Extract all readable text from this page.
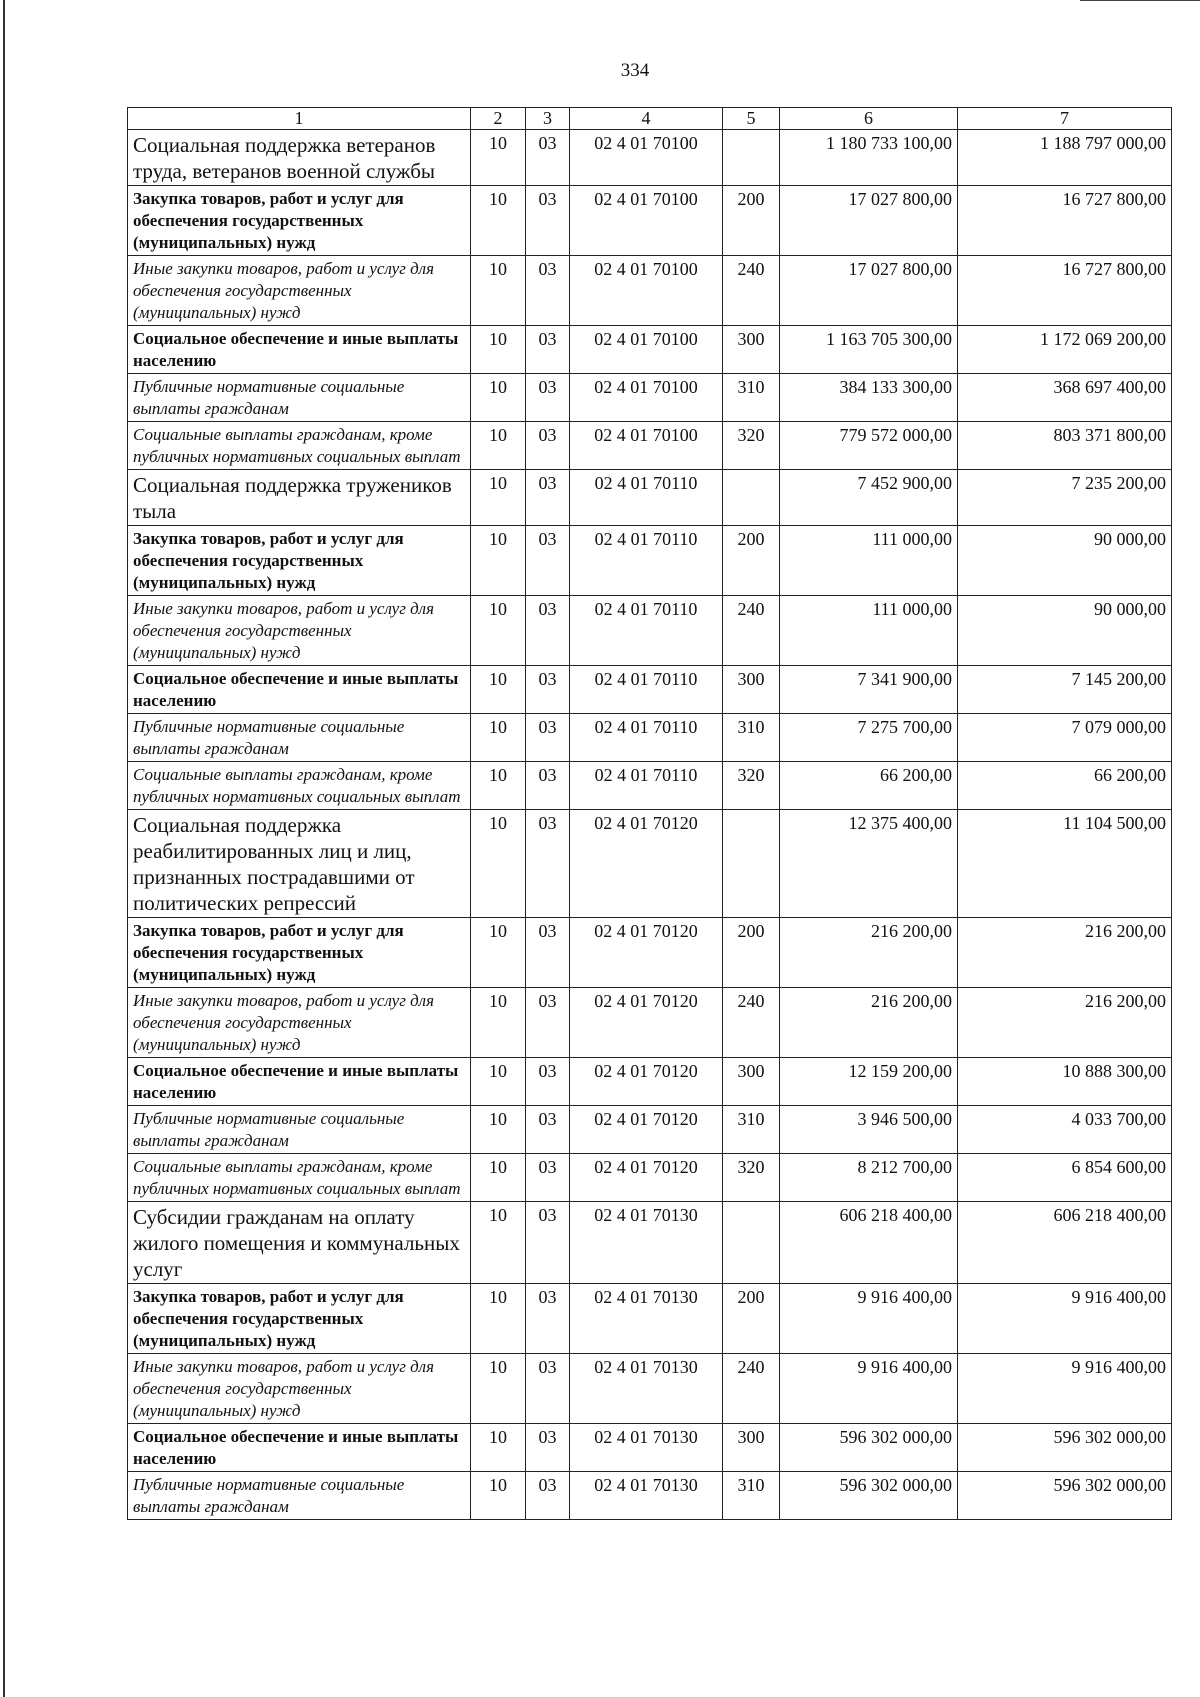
334
1	2	3	4	5	6	7
Социальная поддержка ветеранов труда, ветеранов военной службы	10	03	02 4 01 70100		1 180 733 100,00	1 188 797 000,00
Закупка товаров, работ и услуг для обеспечения государственных (муниципальных) нужд	10	03	02 4 01 70100	200	17 027 800,00	16 727 800,00
Иные закупки товаров, работ и услуг для обеспечения государственных (муниципальных) нужд	10	03	02 4 01 70100	240	17 027 800,00	16 727 800,00
Социальное обеспечение и иные выплаты населению	10	03	02 4 01 70100	300	1 163 705 300,00	1 172 069 200,00
Публичные нормативные социальные выплаты гражданам	10	03	02 4 01 70100	310	384 133 300,00	368 697 400,00
Социальные выплаты гражданам, кроме публичных нормативных социальных выплат	10	03	02 4 01 70100	320	779 572 000,00	803 371 800,00
Социальная поддержка тружеников тыла	10	03	02 4 01 70110		7 452 900,00	7 235 200,00
Закупка товаров, работ и услуг для обеспечения государственных (муниципальных) нужд	10	03	02 4 01 70110	200	111 000,00	90 000,00
Иные закупки товаров, работ и услуг для обеспечения государственных (муниципальных) нужд	10	03	02 4 01 70110	240	111 000,00	90 000,00
Социальное обеспечение и иные выплаты населению	10	03	02 4 01 70110	300	7 341 900,00	7 145 200,00
Публичные нормативные социальные выплаты гражданам	10	03	02 4 01 70110	310	7 275 700,00	7 079 000,00
Социальные выплаты гражданам, кроме публичных нормативных социальных выплат	10	03	02 4 01 70110	320	66 200,00	66 200,00
Социальная поддержка реабилитированных лиц и лиц, признанных пострадавшими от политических репрессий	10	03	02 4 01 70120		12 375 400,00	11 104 500,00
Закупка товаров, работ и услуг для обеспечения государственных (муниципальных) нужд	10	03	02 4 01 70120	200	216 200,00	216 200,00
Иные закупки товаров, работ и услуг для обеспечения государственных (муниципальных) нужд	10	03	02 4 01 70120	240	216 200,00	216 200,00
Социальное обеспечение и иные выплаты населению	10	03	02 4 01 70120	300	12 159 200,00	10 888 300,00
Публичные нормативные социальные выплаты гражданам	10	03	02 4 01 70120	310	3 946 500,00	4 033 700,00
Социальные выплаты гражданам, кроме публичных нормативных социальных выплат	10	03	02 4 01 70120	320	8 212 700,00	6 854 600,00
Субсидии гражданам на оплату жилого помещения и коммунальных услуг	10	03	02 4 01 70130		606 218 400,00	606 218 400,00
Закупка товаров, работ и услуг для обеспечения государственных (муниципальных) нужд	10	03	02 4 01 70130	200	9 916 400,00	9 916 400,00
Иные закупки товаров, работ и услуг для обеспечения государственных (муниципальных) нужд	10	03	02 4 01 70130	240	9 916 400,00	9 916 400,00
Социальное обеспечение и иные выплаты населению	10	03	02 4 01 70130	300	596 302 000,00	596 302 000,00
Публичные нормативные социальные выплаты гражданам	10	03	02 4 01 70130	310	596 302 000,00	596 302 000,00
